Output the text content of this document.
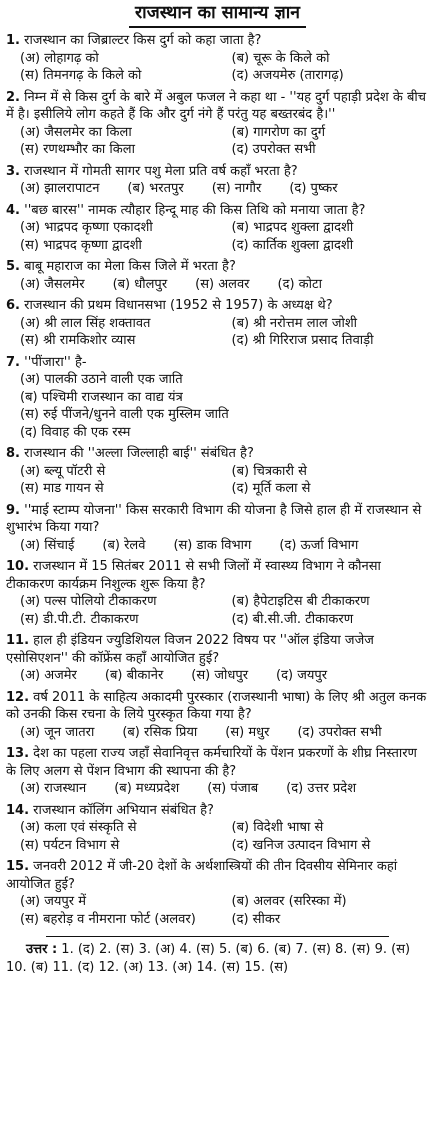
राजस्थान का सामान्य ज्ञान
1. राजस्थान का जिब्राल्टर किस दुर्ग को कहा जाता है?
(अ) लोहागढ़ को	(ब) चूरू के किले को
(स) तिमनगढ़ के किले को	(द) अजयमेरु (तारागढ़)
2. निम्न में से किस दुर्ग के बारे में अबुल फजल ने कहा था - ''यह दुर्ग पहाड़ी प्रदेश के बीच में है। इसीलिये लोग कहते हैं कि और दुर्ग नंगे हैं परंतु यह बख्तरबंद है।''
(अ) जैसलमेर का किला	(ब) गागरोण का दुर्ग
(स) रणथम्भौर का किला	(द) उपरोक्त सभी
3. राजस्थान में गोमती सागर पशु मेला प्रति वर्ष कहाँ भरता है?
(अ) झालरापाटन	(ब) भरतपुर	(स) नागौर	(द) पुष्कर
4. ''बछ बारस'' नामक त्यौहार हिन्दू माह की किस तिथि को मनाया जाता है?
(अ) भाद्रपद कृष्णा एकादशी	(ब) भाद्रपद शुक्ला द्वादशी
(स) भाद्रपद कृष्णा द्वादशी	(द) कार्तिक शुक्ला द्वादशी
5. बाबू महाराज का मेला किस जिले में भरता है?
(अ) जैसलमेर	(ब) धौलपुर	(स) अलवर	(द) कोटा
6. राजस्थान की प्रथम विधानसभा (1952 से 1957) के अध्यक्ष थे?
(अ) श्री लाल सिंह शक्तावत	(ब) श्री नरोत्तम लाल जोशी
(स) श्री रामकिशोर व्यास	(द) श्री गिरिराज प्रसाद तिवाड़ी
7. ''पींजारा'' है-
(अ) पालकी उठाने वाली एक जाति
(ब) पश्चिमी राजस्थान का वाद्य यंत्र
(स) रुई पींजने/धुनने वाली एक मुस्लिम जाति
(द) विवाह की एक रस्म
8. राजस्थान की ''अल्ला जिल्लाही बाई'' संबंधित है?
(अ) ब्ल्यू पॉटरी से	(ब) चित्रकारी से
(स) माड गायन से	(द) मूर्ति कला से
9. ''माई स्टाम्प योजना'' किस सरकारी विभाग की योजना है जिसे हाल ही में राजस्थान से शुभारंभ किया गया?
(अ) सिंचाई	(ब) रेलवे	(स) डाक विभाग	(द) ऊर्जा विभाग
10. राजस्थान में 15 सितंबर 2011 से सभी जिलों में स्वास्थ्य विभाग ने कौनसा टीकाकरण कार्यक्रम निशुल्क शुरू किया है?
(अ) पल्स पोलियो टीकाकरण	(ब) हैपेटाइटिस बी टीकाकरण
(स) डी.पी.टी. टीकाकरण	(द) बी.सी.जी. टीकाकरण
11. हाल ही इंडियन ज्युडिशियल विजन 2022 विषय पर ''ऑल इंडिया जजेज एसोसिएशन'' की कॉफ्रेंस कहाँ आयोजित हुई?
(अ) अजमेर	(ब) बीकानेर	(स) जोधपुर	(द) जयपुर
12. वर्ष 2011 के साहित्य अकादमी पुरस्कार (राजस्थानी भाषा) के लिए श्री अतुल कनक को उनकी किस रचना के लिये पुरस्कृत किया गया है?
(अ) जून जातरा	(ब) रसिक प्रिया	(स) मधुर	(द) उपरोक्त सभी
13. देश का पहला राज्य जहाँ सेवानिवृत्त कर्मचारियों के पेंशन प्रकरणों के शीघ्र निस्तारण के लिए अलग से पेंशन विभाग की स्थापना की है?
(अ) राजस्थान	(ब) मध्यप्रदेश	(स) पंजाब	(द) उत्तर प्रदेश
14. राजस्थान कॉलिंग अभियान संबंधित है?
(अ) कला एवं संस्कृति से	(ब) विदेशी भाषा से
(स) पर्यटन विभाग से	(द) खनिज उत्पादन विभाग से
15. जनवरी 2012 में जी-20 देशों के अर्थशास्त्रियों की तीन दिवसीय सेमिनार कहां आयोजित हुई?
(अ) जयपुर में	(ब) अलवर (सरिस्का में)
(स) बहरोड़ व नीमराना फोर्ट (अलवर)	(द) सीकर
उत्तर : 1. (द) 2. (स) 3. (अ) 4. (स) 5. (ब) 6. (ब) 7. (स) 8. (स) 9. (स) 10. (ब) 11. (द) 12. (अ) 13. (अ) 14. (स) 15. (स)
